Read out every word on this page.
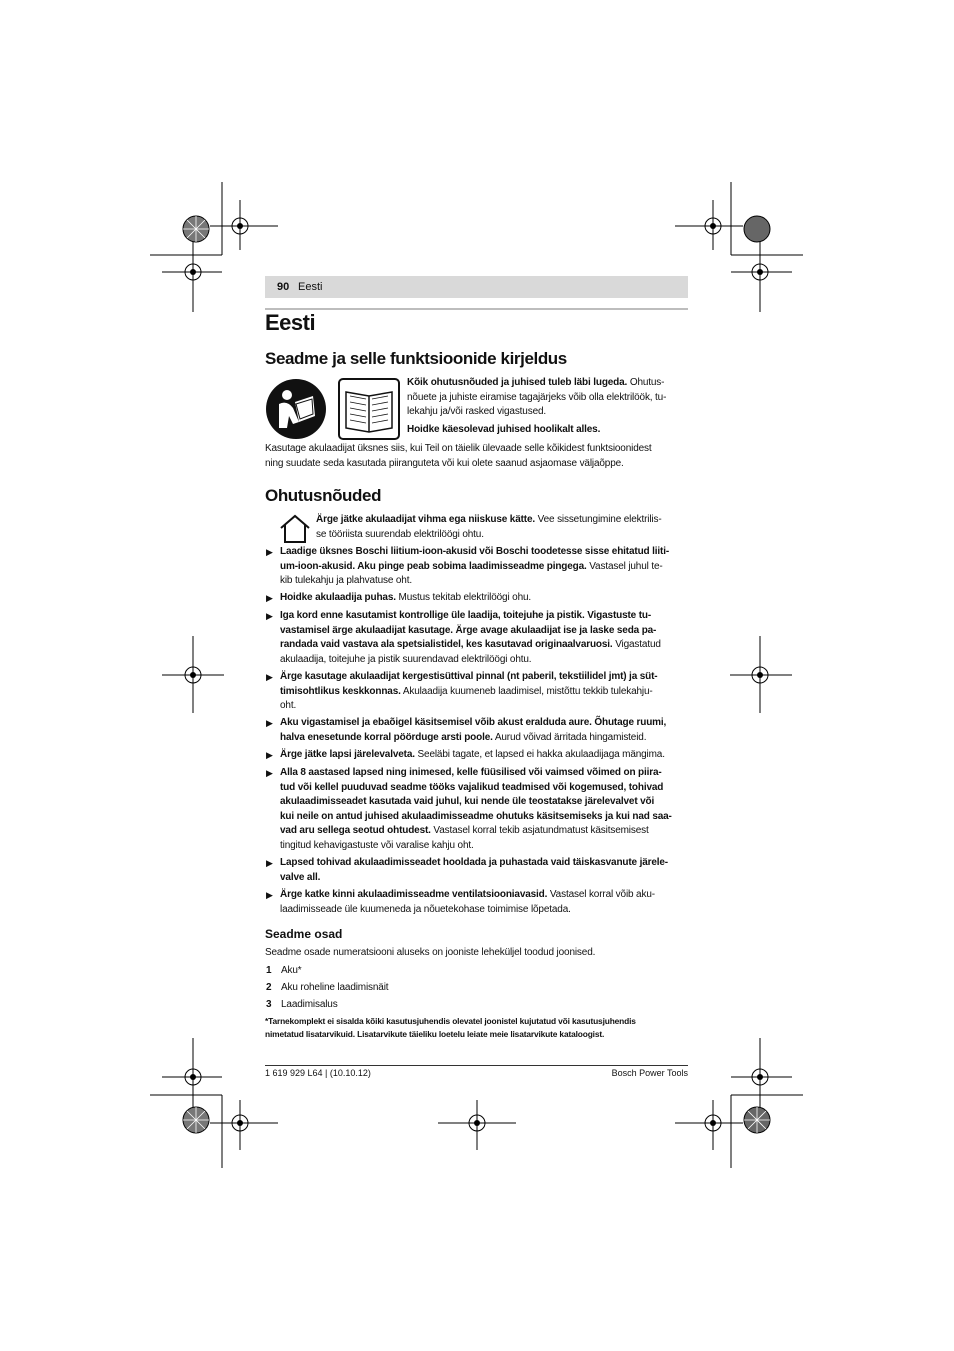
90 Eesti
Eesti
Seadme ja selle funktsioonide kirjeldus
Kõik ohutusnõuded ja juhised tuleb läbi lugeda. Ohutus-
nõuete ja juhiste eiramise tagajärjeks võib olla elektrilöök, tu-
lekahju ja/või rasked vigastused.
Hoidke käesolevad juhised hoolikalt alles.
Kasutage akulaadijat üksnes siis, kui Teil on täielik ülevaade selle kõikidest funktsioonidest
ning suudate seda kasutada piiranguteta või kui olete saanud asjaomase väljaõppe.
Ohutusnõuded
Ärge jätke akulaadijat vihma ega niiskuse kätte. Vee sissetungimine elektrilis-
se tööriista suurendab elektrilöögi ohtu.
▶ Laadige üksnes Boschi liitium-ioon-akusid või Boschi toodetesse sisse ehitatud liiti-
um-ioon-akusid. Aku pinge peab sobima laadimisseadme pingega. Vastasel juhul te-
kib tulekahju ja plahvatuse oht.
▶ Hoidke akulaadija puhas. Mustus tekitab elektrilöögi ohu.
▶ Iga kord enne kasutamist kontrollige üle laadija, toitejuhe ja pistik. Vigastuste tu-
vastamisel ärge akulaadijat kasutage. Ärge avage akulaadijat ise ja laske seda pa-
randada vaid vastava ala spetsialistidel, kes kasutavad originaalvaruosi. Vigastatud
akulaadija, toitejuhe ja pistik suurendavad elektrilöögi ohtu.
▶ Ärge kasutage akulaadijat kergestisüttival pinnal (nt paberil, tekstiilidel jmt) ja süt-
timisohtlikus keskkonnas. Akulaadija kuumeneb laadimisel, mistõttu tekkib tulekahju-
oht.
▶ Aku vigastamisel ja ebaõigel käsitsemisel võib akust eralduda aure. Õhutage ruumi,
halva enesetunde korral pöörduge arsti poole. Aurud võivad ärritada hingamisteid.
▶ Ärge jätke lapsi järelevalveta. Seeläbi tagate, et lapsed ei hakka akulaadijaga mängima.
▶ Alla 8 aastased lapsed ning inimesed, kelle füüsilised või vaimsed võimed on piira-
tud või kellel puuduvad seadme tööks vajalikud teadmised või kogemused, tohivad
akulaadimisseadet kasutada vaid juhul, kui nende üle teostatakse järelevalvet või
kui neile on antud juhised akulaadimisseadme ohutuks käsitsemiseks ja kui nad saa-
vad aru sellega seotud ohtudest. Vastasel korral tekib asjatundmatust käsitsemisest
tingitud kehavigastuste või varalise kahju oht.
▶ Lapsed tohivad akulaadimisseadet hooldada ja puhastada vaid täiskasvanute järele-
valve all.
▶ Ärge katke kinni akulaadimisseadme ventilatsiooniavasid. Vastasel korral võib aku-
laadimisseade üle kuumeneda ja nõuetekohase toimimise lõpetada.
Seadme osad
Seadme osade numeratsiooni aluseks on jooniste leheküljel toodud joonised.
1 Aku*
2 Aku roheline laadimisnäit
3 Laadimisalus
*Tarnekomplekt ei sisalda kõiki kasutusjuhendis olevatel joonistel kujutatud või kasutusjuhendis
nimetatud lisatarvikuid. Lisatarvikute täieliku loetelu leiate meie lisatarvikute kataloogist.
1 619 929 L64 | (10.10.12)	Bosch Power Tools
